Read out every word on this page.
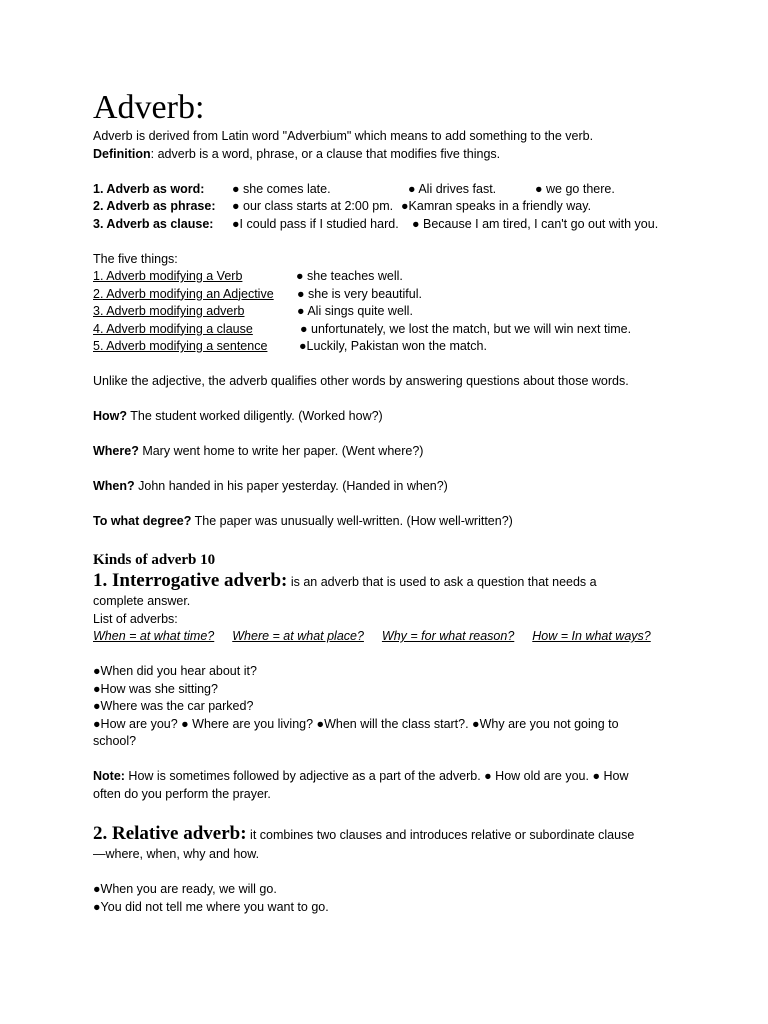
Adverb:
Adverb is derived from Latin word "Adverbium" which means to add something to the verb.
Definition: adverb is a word, phrase, or a clause that modifies five things.
1. Adverb as word: ● she comes late.	● Ali drives fast.	● we go there.
2. Adverb as phrase: ● our class starts at 2:00 pm. ●Kamran speaks in a friendly way.
3. Adverb as clause: ●I could pass if I studied hard. ● Because I am tired, I can't go out with you.
The five things:
1. Adverb modifying a Verb	● she teaches well.
2. Adverb modifying an Adjective ● she is very beautiful.
3. Adverb modifying adverb	● Ali sings quite well.
4. Adverb modifying a clause	● unfortunately, we lost the match, but we will win next time.
5. Adverb modifying a sentence	●Luckily, Pakistan won the match.
Unlike the adjective, the adverb qualifies other words by answering questions about those words.
How? The student worked diligently. (Worked how?)
Where? Mary went home to write her paper. (Went where?)
When? John handed in his paper yesterday. (Handed in when?)
To what degree? The paper was unusually well-written. (How well-written?)
Kinds of adverb 10
1. Interrogative adverb: is an adverb that is used to ask a question that needs a
complete answer.
List of adverbs:
When = at what time? Where = at what place? Why = for what reason? How = In what ways?
●When did you hear about it?
●How was she sitting?
●Where was the car parked?
●How are you? ● Where are you living? ●When will the class start?. ●Why are you not going to
school?
Note: How is sometimes followed by adjective as a part of the adverb. ● How old are you. ● How
often do you perform the prayer.
2. Relative adverb: it combines two clauses and introduces relative or subordinate clause
—where, when, why and how.
●When you are ready, we will go.
●You did not tell me where you want to go.
